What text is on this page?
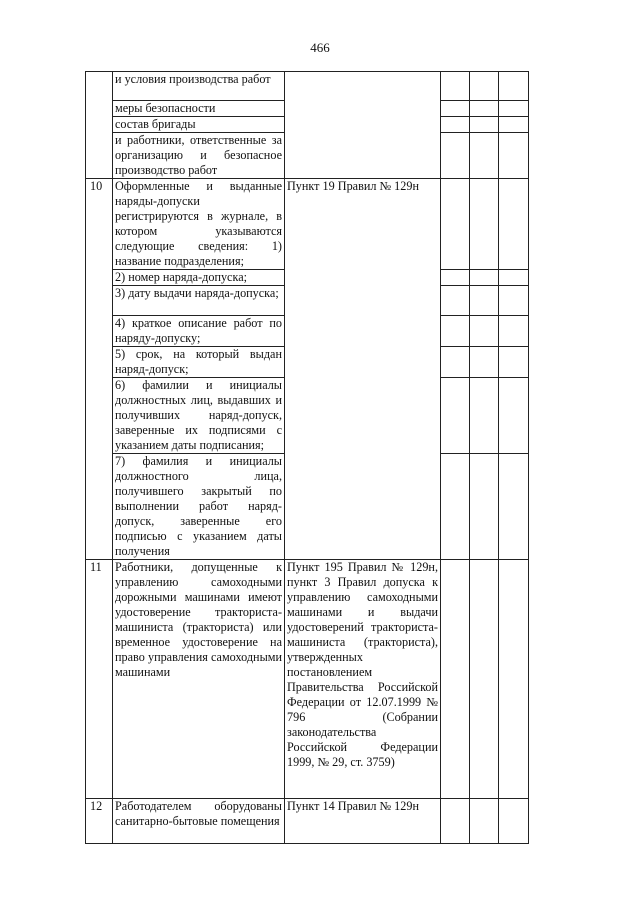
466
	и условия производства работ				
	меры безопасности				
	состав бригады				
	и работники, ответственные за организацию и безопасное производство работ				
10	Оформленные и выданные наряды-допуски регистрируются в журнале, в котором указываются следующие сведения: 1) название подразделения;	Пункт 19 Правил № 129н			
	2) номер наряда-допуска;				
	3) дату выдачи наряда-допуска;				
	4) краткое описание работ по наряду-допуску;				
	5) срок, на который выдан наряд-допуск;				
	6) фамилии и инициалы должностных лиц, выдавших и получивших наряд-допуск, заверенные их подписями с указанием даты подписания;				
	7) фамилия и инициалы должностного лица, получившего закрытый по выполнении работ наряд-допуск, заверенные его подписью с указанием даты получения				
11	Работники, допущенные к управлению самоходными дорожными машинами имеют удостоверение тракториста-машиниста (тракториста) или временное удостоверение на право управления самоходными машинами	Пункт 195 Правил № 129н, пункт 3 Правил допуска к управлению самоходными машинами и выдачи удостоверений тракториста-машиниста (тракториста), утвержденных постановлением Правительства Российской Федерации от 12.07.1999 № 796 (Собрании законодательства Российской Федерации 1999, № 29, ст. 3759)			
12	Работодателем оборудованы санитарно-бытовые помещения	Пункт 14 Правил № 129н			
